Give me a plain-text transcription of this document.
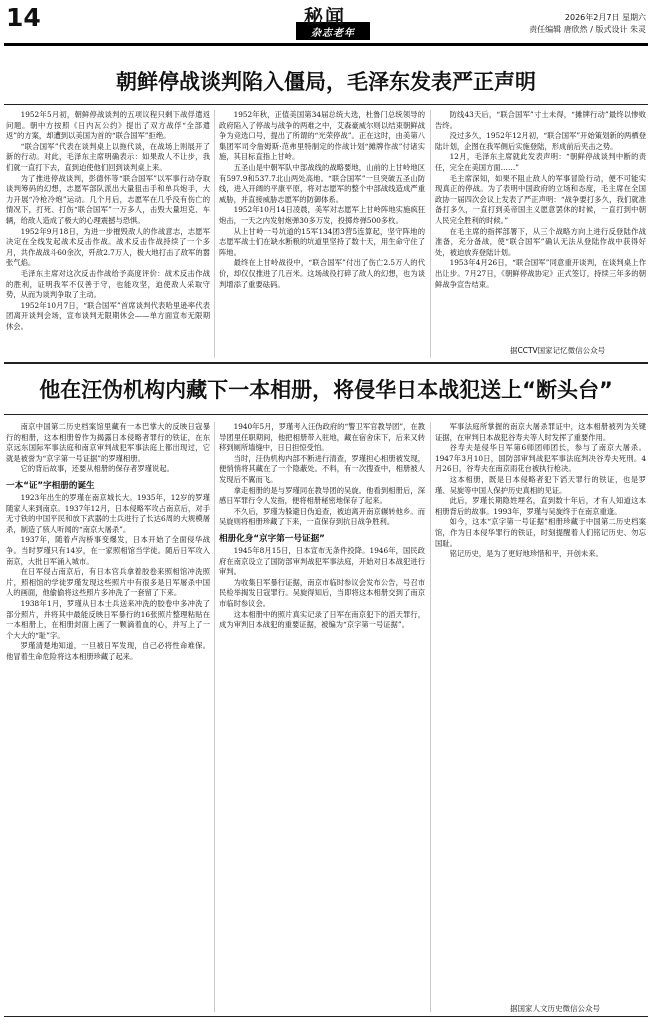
14	秘闻
杂志老年
2026年2月7日 星期六
责任编辑 唐欣然 / 版式设计 朱灵
朝鲜停战谈判陷入僵局，毛泽东发表严正声明

1952年5月初，朝鲜停战谈判的五项议程只剩下战俘遣返问题。朝中方按照《日内瓦公约》提出了双方战俘“全部遣返”的方案，却遭到以美国为首的“联合国军”拒绝。

“联合国军”代表在谈判桌上以拖代谈，在战场上则展开了新的行动。对此，毛泽东主席明确表示：如果敌人不让步，我们就一直打下去，直到迫使他们回到谈判桌上来。

为了推进停战谈判，彭德怀等“联合国军”以军事行动夺取谈判筹码的幻想，志愿军部队派出大量狙击手和单兵炮手，大力开展“冷枪冷炮”运动。几个月后，志愿军在几乎没有伤亡的情况下，打死、打伤“联合国军”一万多人，击毁大量坦克、车辆，给敌人造成了极大的心理震撼与恐惧。

1952年9月18日，为进一步摧毁敌人的作战意志，志愿军决定在全线发起战术反击作战。战术反击作战持续了一个多月，共作战战斗60余次，歼敌2.7万人，极大地打击了敌军的嚣张气焰。

毛泽东主席对这次反击作战给予高度评价：战术反击作战的胜利，证明我军不仅善于守，也能攻坚，迫使敌人采取守势，从而为谈判争取了主动。

1952年10月7日，“联合国军”首席谈判代表哈里逊率代表团离开谈判会场，宣布谈判无限期休会——单方面宣布无限期休会。

1952年秋，正值美国第34届总统大选，杜鲁门总统领导的政府陷入了停战与战争的两难之中，艾森豪威尔则以结束朝鲜战争为竞选口号，提出了所谓的“光荣停战”。正在这时，由美第八集团军司令詹姆斯·范弗里特制定的作战计划“摊牌作战”付诸实施，其目标直指上甘岭。

五圣山是中朝军队中部战线的战略要地，山前的上甘岭地区有597.9和537.7北山两处高地。“联合国军”一旦突破五圣山防线，进入开阔的平康平原，将对志愿军的整个中部战线造成严重威胁，并直接威胁志愿军的防御体系。

1952年10月14日凌晨，美军对志愿军上甘岭阵地实施疯狂炮击，一天之内发射炮弹30多万发，投掷炸弹500多枚。

从上甘岭一号坑道的15军134团3营5连算起，坚守阵地的志愿军战士们在缺水断粮的坑道里坚持了数十天，用生命守住了阵地。

最终在上甘岭战役中，“联合国军”付出了伤亡2.5万人的代价，却仅仅推进了几百米。这场战役打碎了敌人的幻想，也为谈判增添了重要砝码。

防线43天后，“联合国军”寸土未得，“摊牌行动”最终以惨败告终。

没过多久，1952年12月初，“联合国军”开始策划新的两栖登陆计划，企图在我军侧后实施登陆，形成前后夹击之势。

12月，毛泽东主席就此发表声明：“朝鲜停战谈判中断的责任，完全在美国方面……”

毛主席深知，如果不阻止敌人的军事冒险行动，便不可能实现真正的停战。为了表明中国政府的立场和态度，毛主席在全国政协一届四次会议上发表了严正声明：“战争要打多久，我们就准备打多久，一直打到美帝国主义愿意罢休的时候，一直打到中朝人民完全胜利的时候。”

在毛主席的指挥部署下，从三个战略方向上进行反登陆作战准备，充分备战，使“联合国军”确认无法从登陆作战中获得好处，被迫放弃登陆计划。

1953年4月26日，“联合国军”同意重开谈判，在谈判桌上作出让步。7月27日，《朝鲜停战协定》正式签订，持续三年多的朝鲜战争宣告结束。

据CCTV国家记忆微信公众号
他在汪伪机构内藏下一本相册，将侵华日本战犯送上“断头台”

南京中国第二历史档案馆里藏有一本巴掌大的反映日寇暴行的相册，这本相册曾作为揭露日本侵略者罪行的铁证，在东京远东国际军事法庭和南京审判战犯军事法庭上都出现过，它就是被誉为“京字第一号证据”的罗瑾相册。

它的背后故事，还要从相册的保存者罗瑾说起。

一本“证”字相册的诞生

1923年出生的罗瑾在南京城长大。1935年，12岁的罗瑾随家人来到南京。1937年12月，日本侵略军攻占南京后，对手无寸铁的中国平民和放下武器的士兵进行了长达6周的大规模屠杀，制造了骇人听闻的“南京大屠杀”。

1937年，随着卢沟桥事变爆发，日本开始了全面侵华战争。当时罗瑾只有14岁，在一家照相馆当学徒。随后日军攻入南京，大批日军涌入城市。

在日军侵占南京后，有日本官兵拿着胶卷来照相馆冲洗照片，照相馆的学徒罗瑾发现这些照片中有很多是日军屠杀中国人的画面，他偷偷将这些照片多冲洗了一套留了下来。

1938年1月，罗瑾从日本士兵送来冲洗的胶卷中多冲洗了部分照片，并将其中最能反映日军暴行的16张照片整理粘贴在一本相册上，在相册封面上画了一颗滴着血的心，并写上了一个大大的“耻”字。

罗瑾清楚地知道，一旦被日军发现，自己必将性命难保。他冒着生命危险将这本相册珍藏了起来。

1940年5月，罗瑾考入汪伪政府的“警卫军官教导团”，在教导团里任职期间，他把相册带入驻地，藏在宿舍床下，后来又转移到厕所墙缝中，日日担惊受怕。

当时，汪伪机构内部不断进行清查，罗瑾担心相册被发现，便悄悄将其藏在了一个隐蔽处。不料，有一次搜查中，相册被人发现后不翼而飞。

拿走相册的是与罗瑾同在教导团的吴旋。他看到相册后，深感日军罪行令人发指，便将相册秘密地保存了起来。

不久后，罗瑾为躲避日伪追查，被迫离开南京辗转他乡。而吴旋则将相册珍藏了下来，一直保存到抗日战争胜利。

相册化身“京字第一号证据”

1945年8月15日，日本宣布无条件投降。1946年，国民政府在南京设立了国防部审判战犯军事法庭，开始对日本战犯进行审判。

为收集日军暴行证据，南京市临时参议会发布公告，号召市民检举揭发日寇罪行。吴旋得知后，当即将这本相册交到了南京市临时参议会。

这本相册中的照片真实记录了日军在南京犯下的滔天罪行，成为审判日本战犯的重要证据，被编为“京字第一号证据”。

军事法庭所掌握的南京大屠杀罪证中，这本相册被列为关键证据，在审判日本战犯谷寿夫等人时发挥了重要作用。

谷寿夫是侵华日军第6师团师团长，参与了南京大屠杀。1947年3月10日，国防部审判战犯军事法庭判决谷寿夫死刑。4月26日，谷寿夫在南京雨花台被执行枪决。

这本相册，既是日本侵略者犯下滔天罪行的铁证，也是罗瑾、吴旋等中国人保护历史真相的见证。

此后，罗瑾长期隐姓埋名，直到数十年后，才有人知道这本相册背后的故事。1993年，罗瑾与吴旋终于在南京重逢。

如今，这本“京字第一号证据”相册珍藏于中国第二历史档案馆，作为日本侵华罪行的铁证，时刻提醒着人们铭记历史、勿忘国耻。

铭记历史，是为了更好地珍惜和平，开创未来。

据国家人文历史微信公众号
